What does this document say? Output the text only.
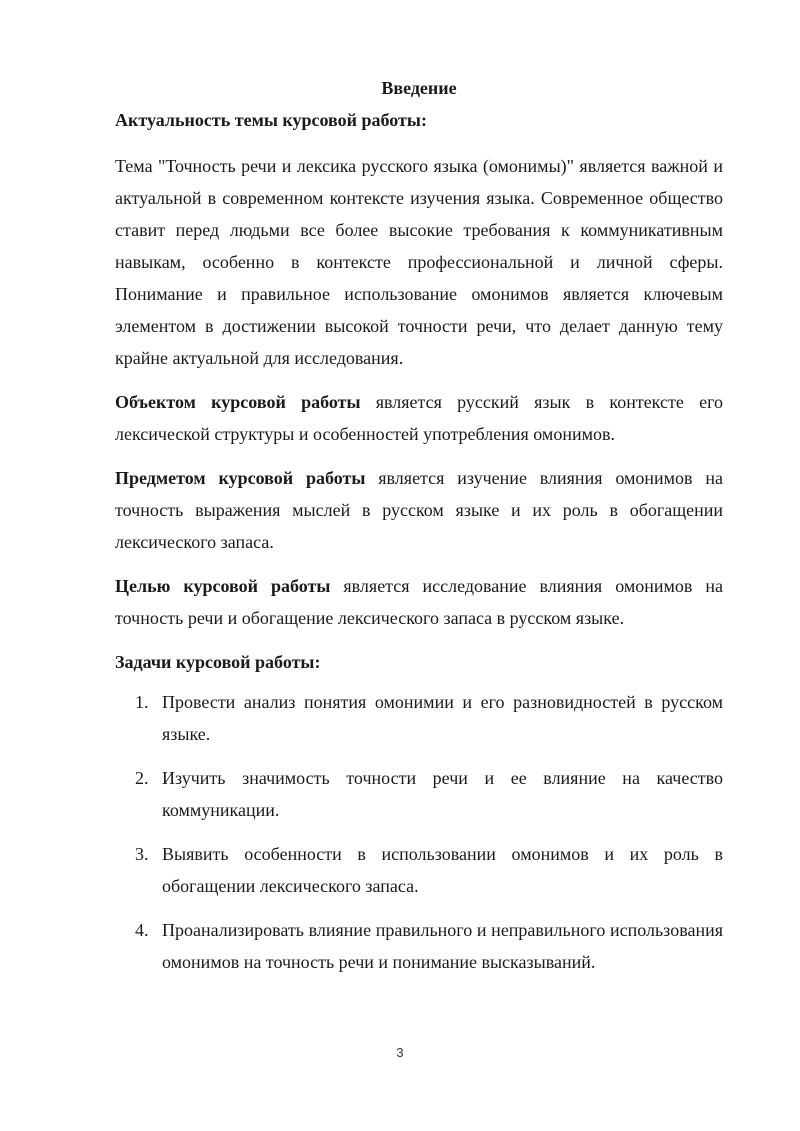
Введение
Актуальность темы курсовой работы:

Тема "Точность речи и лексика русского языка (омонимы)" является важной и актуальной в современном контексте изучения языка. Современное общество ставит перед людьми все более высокие требования к коммуникативным навыкам, особенно в контексте профессиональной и личной сферы. Понимание и правильное использование омонимов является ключевым элементом в достижении высокой точности речи, что делает данную тему крайне актуальной для исследования.

Объектом курсовой работы является русский язык в контексте его лексической структуры и особенностей употребления омонимов.

Предметом курсовой работы является изучение влияния омонимов на точность выражения мыслей в русском языке и их роль в обогащении лексического запаса.

Целью курсовой работы является исследование влияния омонимов на точность речи и обогащение лексического запаса в русском языке.

Задачи курсовой работы:
1. Провести анализ понятия омонимии и его разновидностей в русском языке.
2. Изучить значимость точности речи и ее влияние на качество коммуникации.
3. Выявить особенности в использовании омонимов и их роль в обогащении лексического запаса.
4. Проанализировать влияние правильного и неправильного использования омонимов на точность речи и понимание высказываний.
3
